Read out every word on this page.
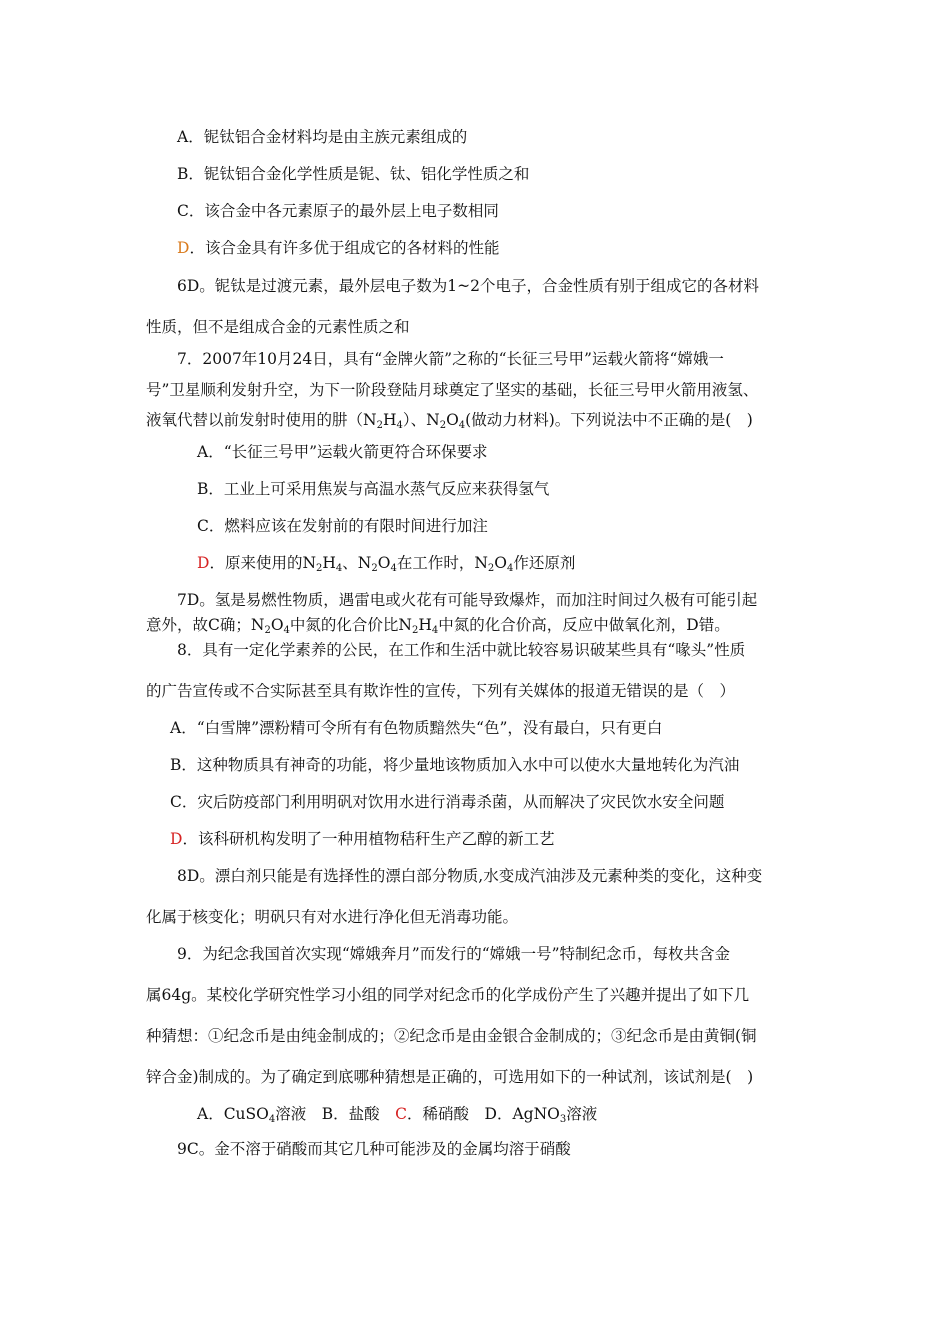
A．铌钛铝合金材料均是由主族元素组成的
B．铌钛铝合金化学性质是铌、钛、铝化学性质之和
C．该合金中各元素原子的最外层上电子数相同
D．该合金具有许多优于组成它的各材料的性能
6D。铌钛是过渡元素，最外层电子数为1~2个电子，合金性质有别于组成它的各材料
性质，但不是组成合金的元素性质之和
7．2007年10月24日，具有“金牌火箭”之称的“长征三号甲”运载火箭将“嫦娥一
号”卫星顺利发射升空，为下一阶段登陆月球奠定了坚实的基础，长征三号甲火箭用液氢、
液氧代替以前发射时使用的肼$(N_2H_4)$、$N_2O_4$(做动力材料)。下列说法中不正确的是(　)
A．“长征三号甲”运载火箭更符合环保要求
B．工业上可采用焦炭与高温水蒸气反应来获得氢气
C．燃料应该在发射前的有限时间进行加注
D．原来使用的$N_2H_4$、$N_2O_4$在工作时，$N_2O_4$作还原剂
7D。氢是易燃性物质，遇雷电或火花有可能导致爆炸，而加注时间过久极有可能引起
意外，故C确；$N_2O_4$中氮的化合价比$N_2H_4$中氮的化合价高，反应中做氧化剂，D错。
8．具有一定化学素养的公民，在工作和生活中就比较容易识破某些具有“喙头”性质
的广告宣传或不合实际甚至具有欺诈性的宣传，下列有关媒体的报道无错误的是（　）
A．“白雪牌”漂粉精可令所有有色物质黯然失“色”，没有最白，只有更白
B．这种物质具有神奇的功能，将少量地该物质加入水中可以使水大量地转化为汽油
C．灾后防疫部门利用明矾对饮用水进行消毒杀菌，从而解决了灾民饮水安全问题
D．该科研机构发明了一种用植物秸秆生产乙醇的新工艺
8D。漂白剂只能是有选择性的漂白部分物质,水变成汽油涉及元素种类的变化，这种变
化属于核变化；明矾只有对水进行净化但无消毒功能。
9．为纪念我国首次实现“嫦娥奔月”而发行的“嫦娥一号”特制纪念币，每枚共含金
属64g。某校化学研究性学习小组的同学对纪念币的化学成份产生了兴趣并提出了如下几
种猜想：①纪念币是由纯金制成的；②纪念币是由金银合金制成的；③纪念币是由黄铜(铜
锌合金)制成的。为了确定到底哪种猜想是正确的，可选用如下的一种试剂，该试剂是(　)
A．CuSO$_4$溶液　B．盐酸　C．稀硝酸　D．AgNO$_3$溶液
9C。金不溶于硝酸而其它几种可能涉及的金属均溶于硝酸
